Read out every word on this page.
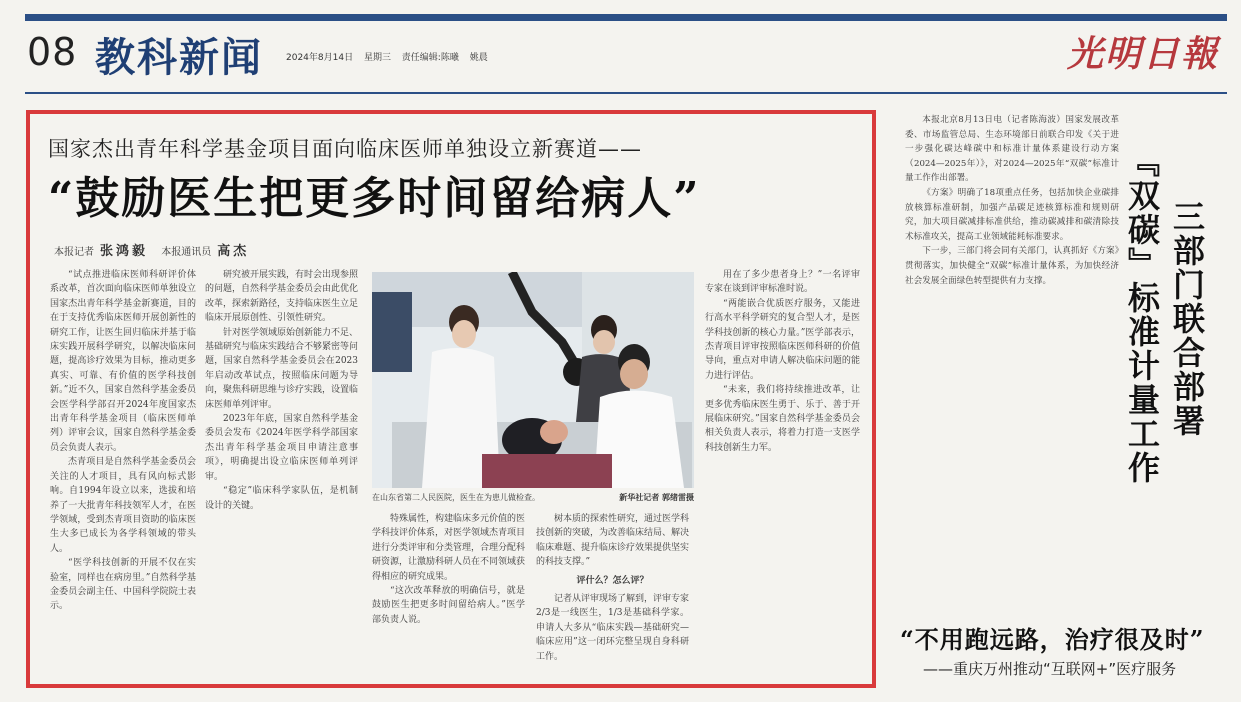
08 教科新闻	2024年8月14日 星期三 责任编辑:陈曦 姚晨	光明日報
国家杰出青年科学基金项目面向临床医师单独设立新赛道——
“鼓励医生把更多时间留给病人”
本报记者 张鸿毅 本报通讯员 高杰

“试点推进临床医师科研评价体系改革，首次面向临床医师单独设立国家杰出青年科学基金新赛道，目的在于支持优秀临床医师开展创新性的研究工作，让医生回归临床并基于临床实践开展科学研究，以解决临床问题，提高诊疗效果为目标，推动更多真实、可靠、有价值的医学科技创新。”近不久，国家自然科学基金委员会医学科学部召开2024年度国家杰出青年科学基金项目（临床医师单列）评审会议，国家自然科学基金委员会负责人表示。

杰青项目是自然科学基金委员会关注的人才项目，具有风向标式影响。自1994年设立以来，选拔和培养了一大批青年科技领军人才，在医学领域，受到杰青项目资助的临床医生大多已成长为各学科领域的带头人。

“医学科技创新的开展不仅在实验室，同样也在病房里。”自然科学基金委员会副主任、中国科学院院士表示。

研究被开展实践，有时会出现参照的问题，自然科学基金委员会由此优化改革，探索新路径，支持临床医生立足临床开展原创性、引领性研究。

针对医学领域原始创新能力不足、基础研究与临床实践结合不够紧密等问题，国家自然科学基金委员会在2023年启动改革试点，按照临床问题为导向，聚焦科研思维与诊疗实践，设置临床医师单列评审。

2023年年底，国家自然科学基金委员会发布《2024年医学科学部国家杰出青年科学基金项目申请注意事项》，明确提出设立临床医师单列评审。

“稳定”临床科学家队伍，是机制设计的关键。

特殊属性，构建临床多元价值的医学科技评价体系，对医学领域杰青项目进行分类评审和分类管理，合理分配科研资源，让激励科研人员在不同领域获得相应的研究成果。

“这次改革释放的明确信号，就是鼓励医生把更多时间留给病人。”医学部负责人说。

树本质的探索性研究，通过医学科技创新的突破，为改善临床结局、解决临床难题、提升临床诊疗效果提供坚实的科技支撑。”

评什么？怎么评？

记者从评审现场了解到，评审专家2/3是一线医生，1/3是基础科学家。申请人大多从“临床实践—基础研究—临床应用”这一闭环完整呈现自身科研工作。

用在了多少患者身上？”一名评审专家在谈到评审标准时说。

“两能嵌合优质医疗服务，又能进行高水平科学研究的复合型人才，是医学科技创新的核心力量。”医学部表示，杰青项目评审按照临床医师科研的价值导向，重点对申请人解决临床问题的能力进行评估。

“未来，我们将持续推进改革，让更多优秀临床医生勇于、乐于、善于开展临床研究。”国家自然科学基金委员会相关负责人表示，将着力打造一支医学科技创新生力军。

在山东省第二人民医院，医生在为患儿做检查。	新华社记者 郭绪雷摄

本报北京8月13日电（记者陈海波）国家发展改革委、市场监管总局、生态环境部日前联合印发《关于进一步强化碳达峰碳中和标准计量体系建设行动方案（2024—2025年）》，对2024—2025年“双碳”标准计量工作作出部署。

《方案》明确了18项重点任务，包括加快企业碳排放核算标准研制，加强产品碳足迹核算标准和规则研究，加大项目碳减排标准供给，推动碳减排和碳清除技术标准攻关，提高工业领域能耗标准要求。

下一步，三部门将会同有关部门，认真抓好《方案》贯彻落实，加快健全“双碳”标准计量体系，为加快经济社会发展全面绿色转型提供有力支撑。	三部门联合部署
『双碳』标准计量工作
“不用跑远路，治疗很及时”
——重庆万州推动“互联网+”医疗服务
